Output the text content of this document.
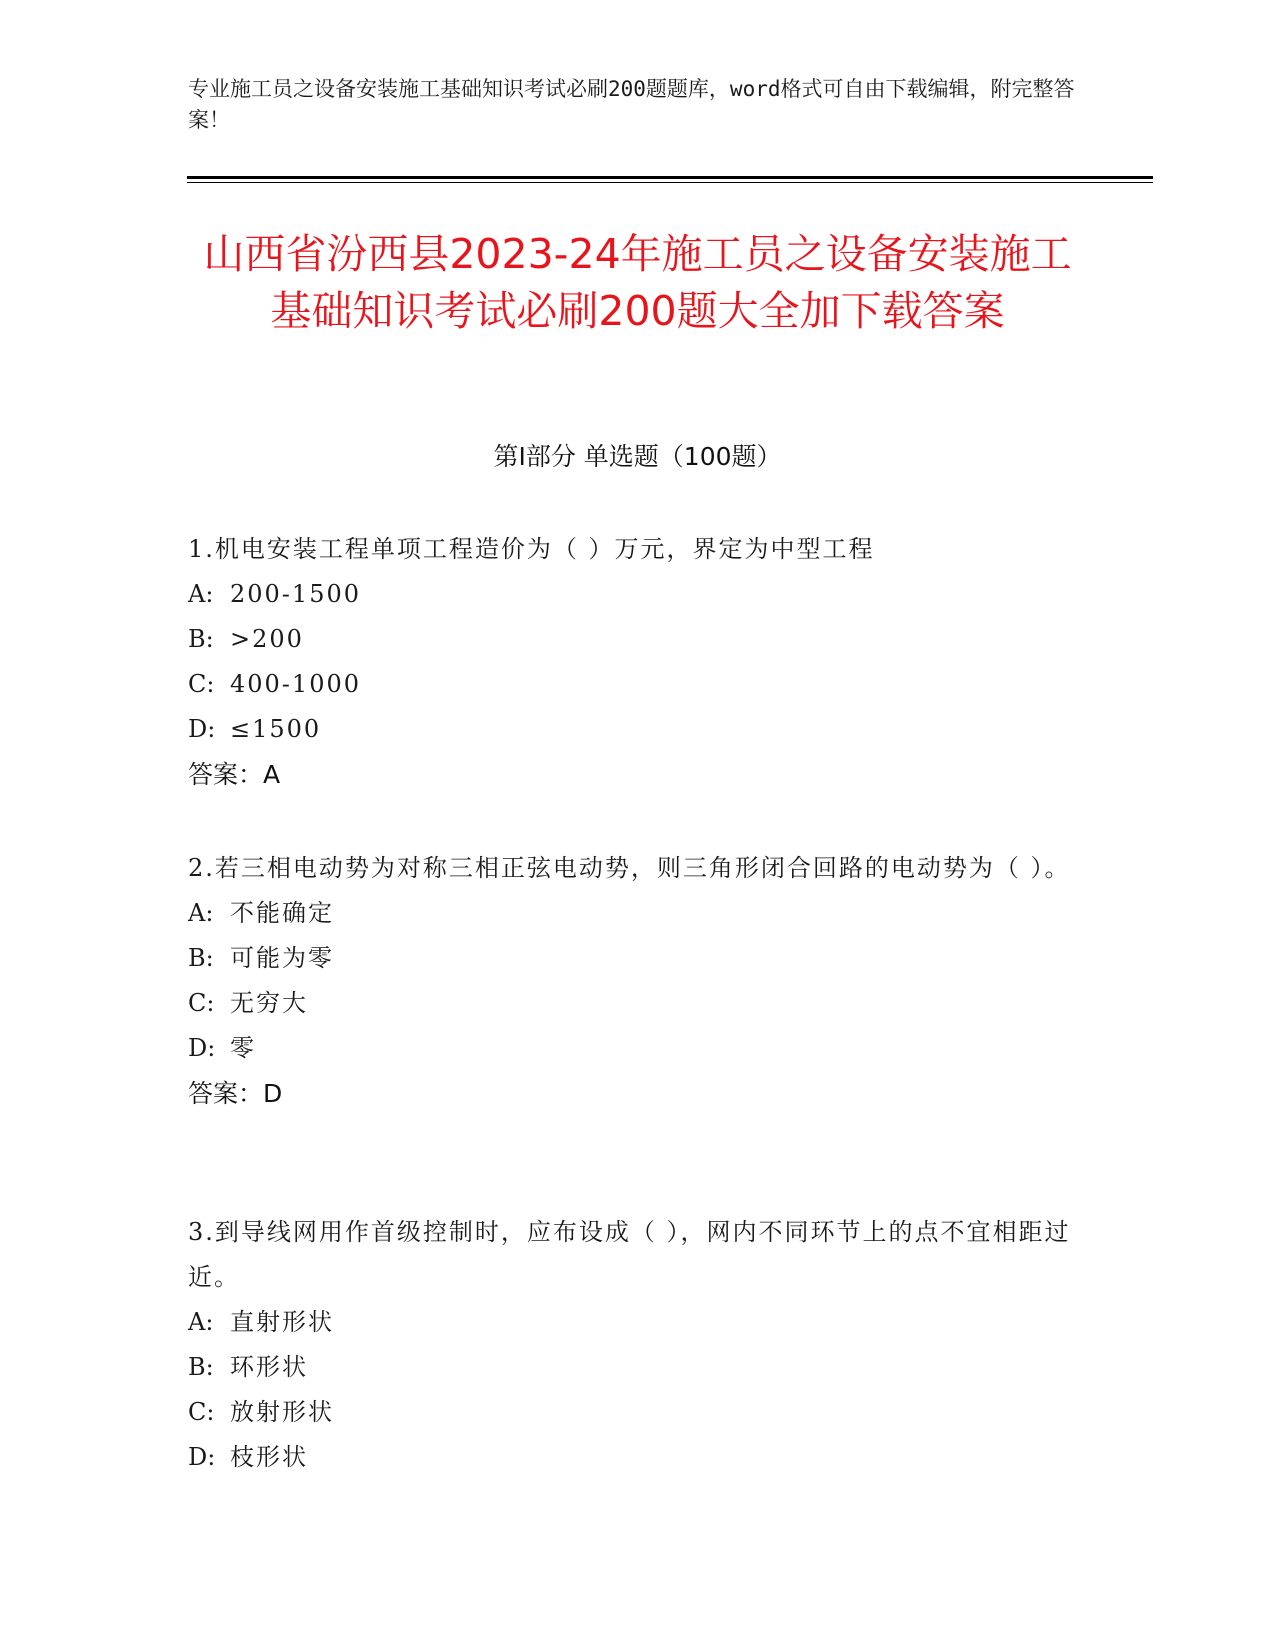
专业施工员之设备安装施工基础知识考试必刷200题题库，word格式可自由下载编辑，附完整答案！
山西省汾西县2023-24年施工员之设备安装施工基础知识考试必刷200题大全加下载答案
第I部分 单选题（100题）
1.机电安装工程单项工程造价为（ ）万元，界定为中型工程
A: 200-1500
B: >200
C: 400-1000
D: ≤1500
答案：A
2.若三相电动势为对称三相正弦电动势，则三角形闭合回路的电动势为（ ）。
A: 不能确定
B: 可能为零
C: 无穷大
D: 零
答案：D
3.到导线网用作首级控制时，应布设成（ ），网内不同环节上的点不宜相距过近。
A: 直射形状
B: 环形状
C: 放射形状
D: 枝形状
